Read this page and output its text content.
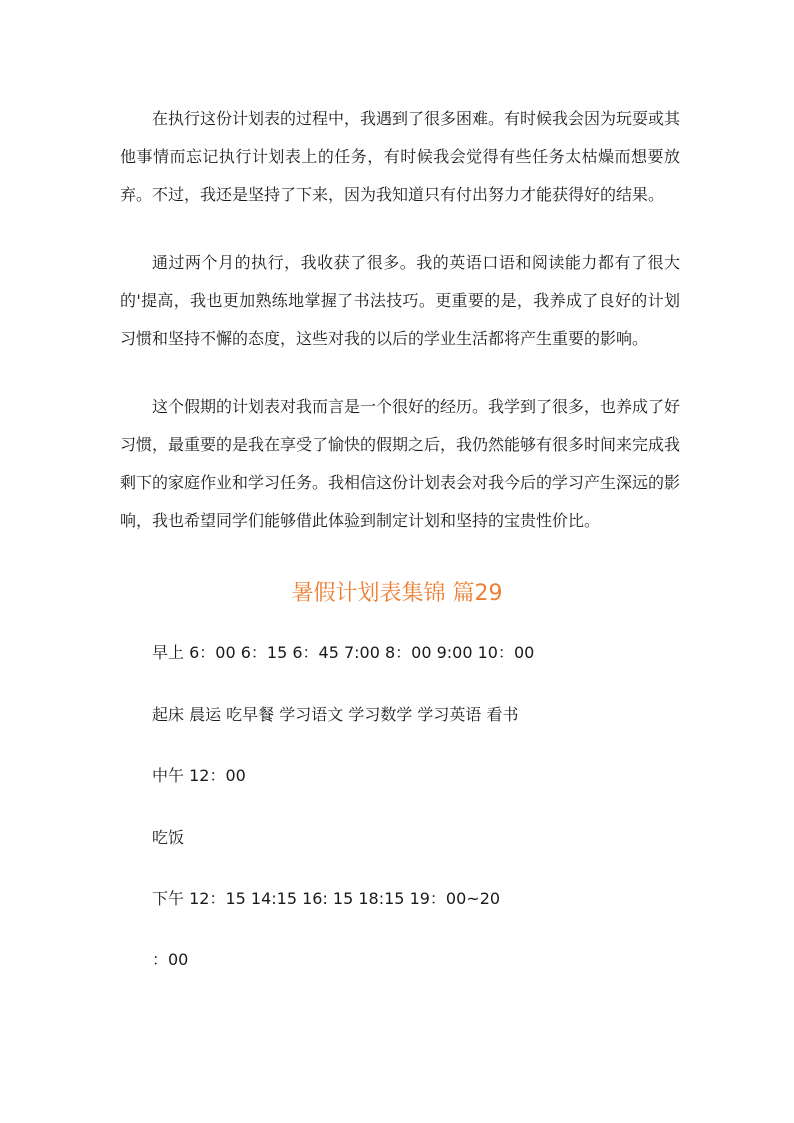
在执行这份计划表的过程中，我遇到了很多困难。有时候我会因为玩耍或其他事情而忘记执行计划表上的任务，有时候我会觉得有些任务太枯燥而想要放弃。不过，我还是坚持了下来，因为我知道只有付出努力才能获得好的结果。

通过两个月的执行，我收获了很多。我的英语口语和阅读能力都有了很大的'提高，我也更加熟练地掌握了书法技巧。更重要的是，我养成了良好的计划习惯和坚持不懈的态度，这些对我的以后的学业生活都将产生重要的影响。

这个假期的计划表对我而言是一个很好的经历。我学到了很多，也养成了好习惯，最重要的是我在享受了愉快的假期之后，我仍然能够有很多时间来完成我剩下的家庭作业和学习任务。我相信这份计划表会对我今后的学习产生深远的影响，我也希望同学们能够借此体验到制定计划和坚持的宝贵性价比。

暑假计划表集锦 篇29

早上 6：00 6：15 6：45 7:00 8：00 9:00 10：00

起床 晨运 吃早餐 学习语文 学习数学 学习英语 看书

中午 12：00

吃饭

下午 12：15 14:15 16: 15 18:15 19：00~20

：00
